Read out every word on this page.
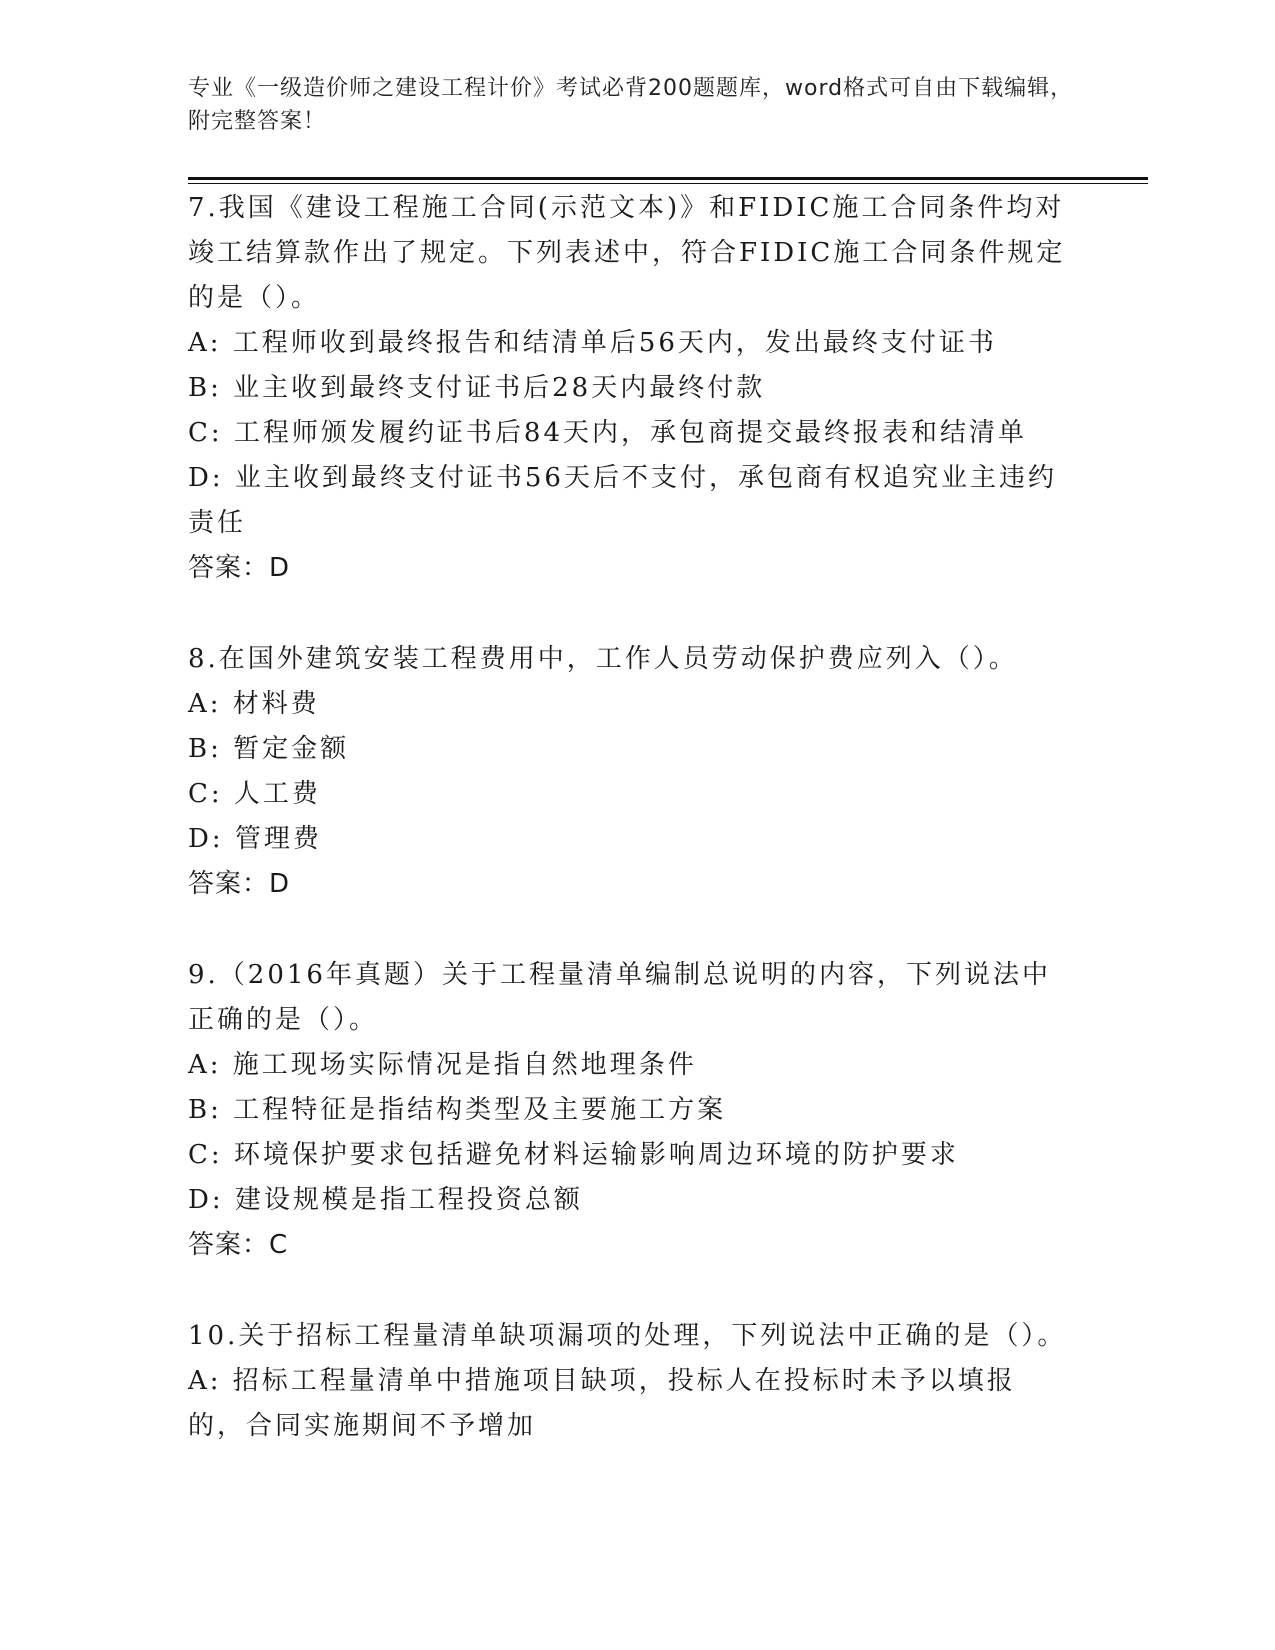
专业《一级造价师之建设工程计价》考试必背200题题库，word格式可自由下载编辑，附完整答案！
7.我国《建设工程施工合同(示范文本)》和FIDIC施工合同条件均对竣工结算款作出了规定。下列表述中，符合FIDIC施工合同条件规定的是（）。
A: 工程师收到最终报告和结清单后56天内，发出最终支付证书
B: 业主收到最终支付证书后28天内最终付款
C: 工程师颁发履约证书后84天内，承包商提交最终报表和结清单
D: 业主收到最终支付证书56天后不支付，承包商有权追究业主违约责任
答案：D
8.在国外建筑安装工程费用中，工作人员劳动保护费应列入（）。
A: 材料费
B: 暂定金额
C: 人工费
D: 管理费
答案：D
9.（2016年真题）关于工程量清单编制总说明的内容，下列说法中正确的是（）。
A: 施工现场实际情况是指自然地理条件
B: 工程特征是指结构类型及主要施工方案
C: 环境保护要求包括避免材料运输影响周边环境的防护要求
D: 建设规模是指工程投资总额
答案：C
10.关于招标工程量清单缺项漏项的处理，下列说法中正确的是（）。
A: 招标工程量清单中措施项目缺项，投标人在投标时未予以填报的，合同实施期间不予增加
